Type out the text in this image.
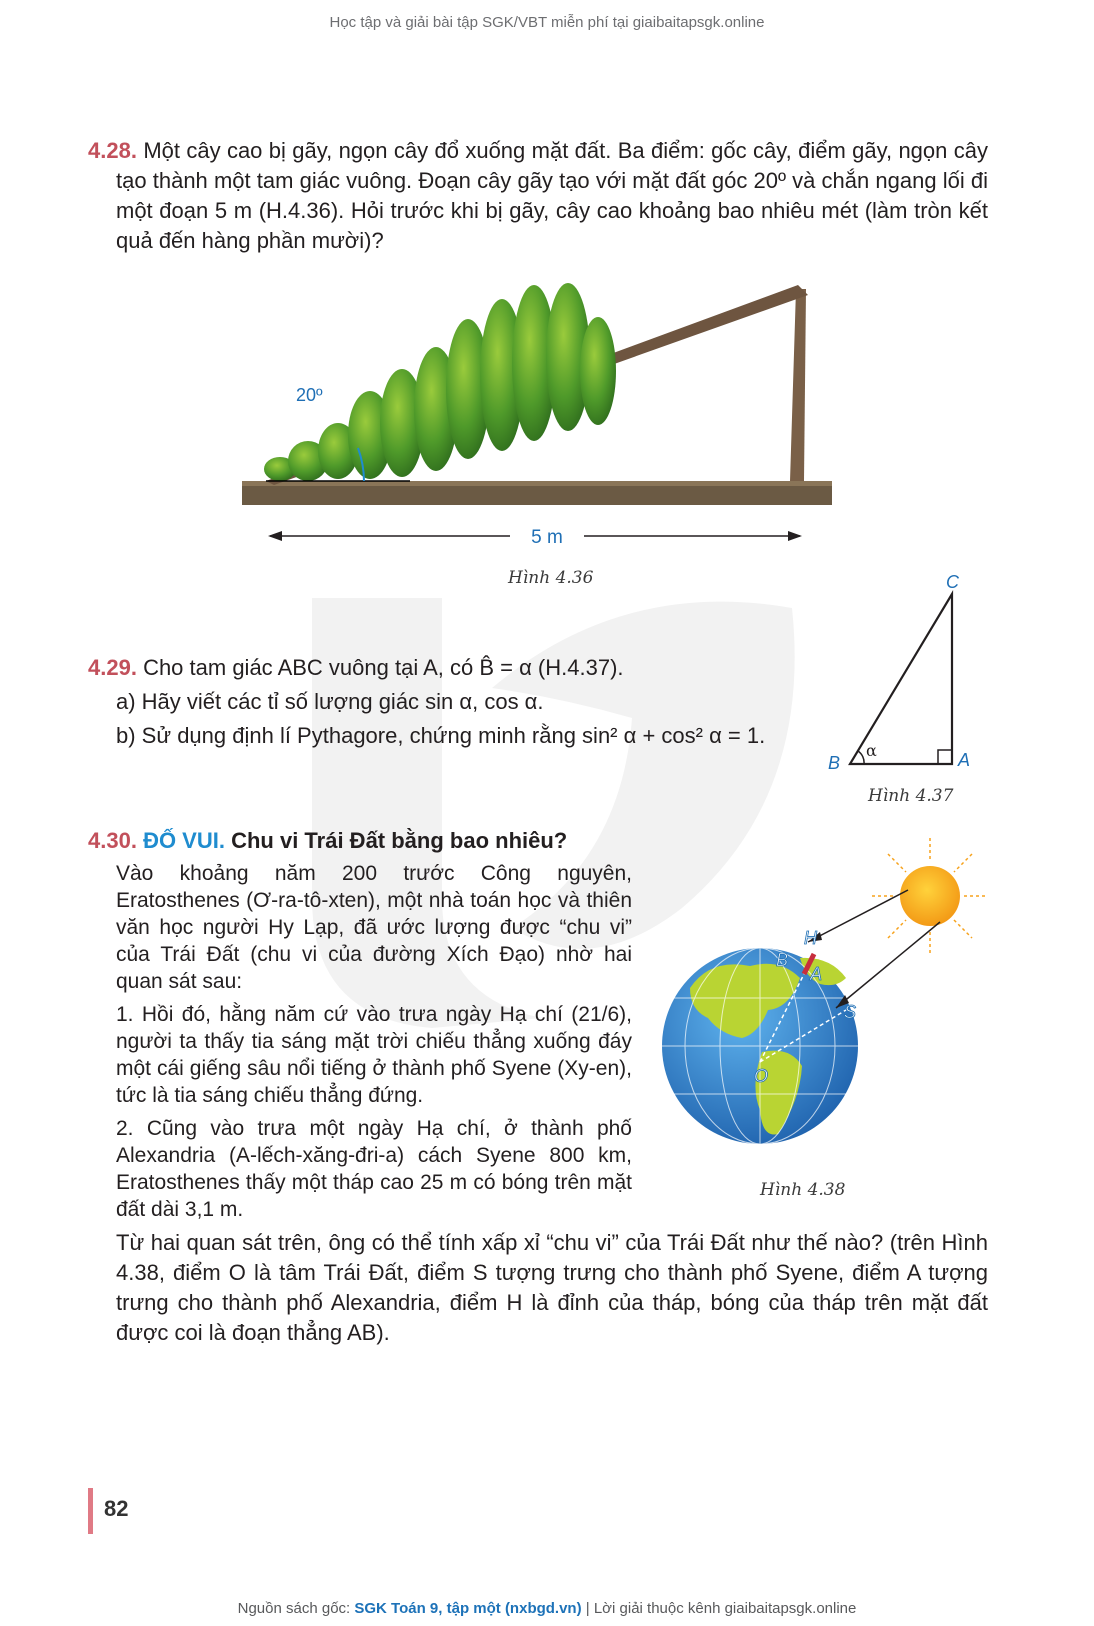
Học tập và giải bài tập SGK/VBT miễn phí tại giaibaitapsgk.online
4.28. Một cây cao bị gãy, ngọn cây đổ xuống mặt đất. Ba điểm: gốc cây, điểm gãy, ngọn cây tạo thành một tam giác vuông. Đoạn cây gãy tạo với mặt đất góc 20º và chắn ngang lối đi một đoạn 5 m (H.4.36). Hỏi trước khi bị gãy, cây cao khoảng bao nhiêu mét (làm tròn kết quả đến hàng phần mười)?
20º
5 m
Hình 4.36
4.29. Cho tam giác ABC vuông tại A, có B̂ = α (H.4.37).
a) Hãy viết các tỉ số lượng giác sin α, cos α.
b) Sử dụng định lí Pythagore, chứng minh rằng sin² α + cos² α = 1.
α
C
B	A
Hình 4.37
4.30. ĐỐ VUI. Chu vi Trái Đất bằng bao nhiêu?
Vào khoảng năm 200 trước Công nguyên, Eratosthenes (Ơ-ra-tô-xten), một nhà toán học và thiên văn học người Hy Lạp, đã ước lượng được “chu vi” của Trái Đất (chu vi của đường Xích Đạo) nhờ hai quan sát sau:
1. Hồi đó, hằng năm cứ vào trưa ngày Hạ chí (21/6), người ta thấy tia sáng mặt trời chiếu thẳng xuống đáy một cái giếng sâu nổi tiếng ở thành phố Syene (Xy-en), tức là tia sáng chiếu thẳng đứng.
2. Cũng vào trưa một ngày Hạ chí, ở thành phố Alexandria (A-lếch-xăng-đri-a) cách Syene 800 km, Eratosthenes thấy một tháp cao 25 m có bóng trên mặt đất dài 3,1 m.
H
B
A
S
O
Hình 4.38
Từ hai quan sát trên, ông có thể tính xấp xỉ “chu vi” của Trái Đất như thế nào? (trên Hình 4.38, điểm O là tâm Trái Đất, điểm S tượng trưng cho thành phố Syene, điểm A tượng trưng cho thành phố Alexandria, điểm H là đỉnh của tháp, bóng của tháp trên mặt đất được coi là đoạn thẳng AB).
82
Nguồn sách gốc: SGK Toán 9, tập một (nxbgd.vn) | Lời giải thuộc kênh giaibaitapsgk.online
